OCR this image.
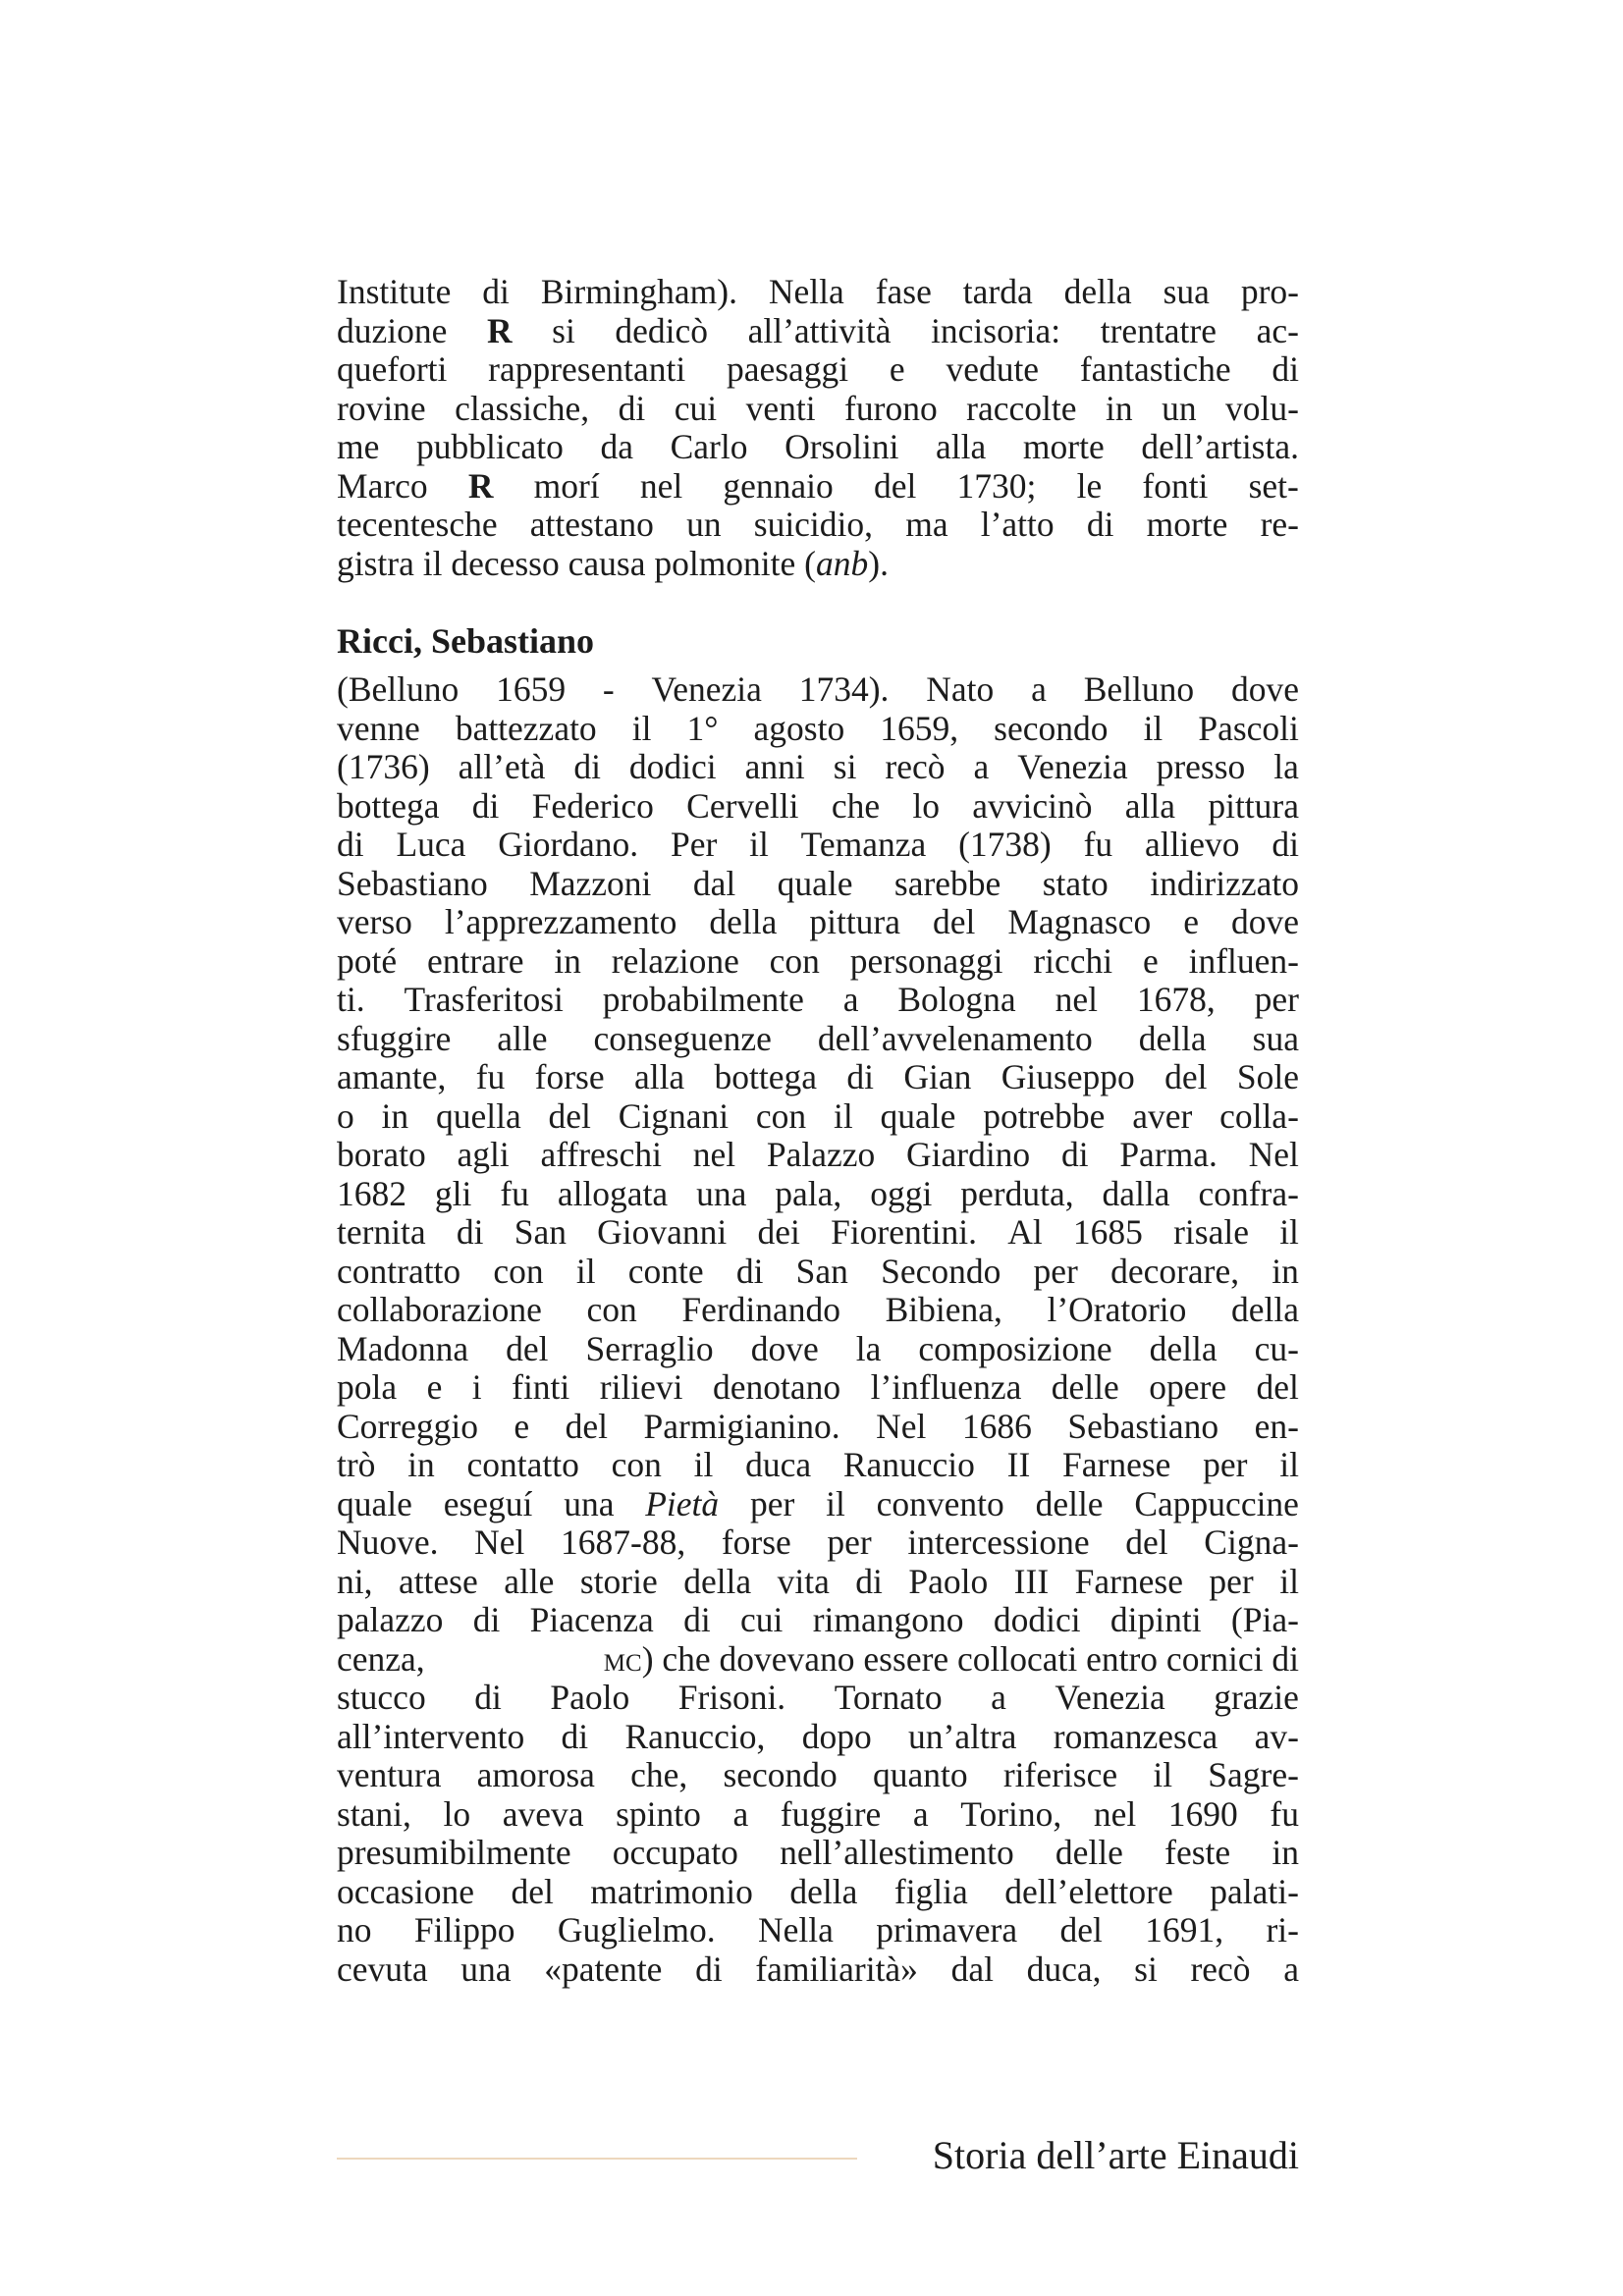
Institute di Birmingham). Nella fase tarda della sua pro-
duzione R si dedicò all’attività incisoria: trentatre ac-
queforti rappresentanti paesaggi e vedute fantastiche di
rovine classiche, di cui venti furono raccolte in un volu-
me pubblicato da Carlo Orsolini alla morte dell’artista.
Marco R morí nel gennaio del 1730; le fonti set-
tecentesche attestano un suicidio, ma l’atto di morte re-
gistra il decesso causa polmonite (anb).
Ricci, Sebastiano
(Belluno 1659 - Venezia 1734). Nato a Belluno dove
venne battezzato il 1° agosto 1659, secondo il Pascoli
(1736) all’età di dodici anni si recò a Venezia presso la
bottega di Federico Cervelli che lo avvicinò alla pittura
di Luca Giordano. Per il Temanza (1738) fu allievo di
Sebastiano Mazzoni dal quale sarebbe stato indirizzato
verso l’apprezzamento della pittura del Magnasco e dove
poté entrare in relazione con personaggi ricchi e influen-
ti. Trasferitosi probabilmente a Bologna nel 1678, per
sfuggire alle conseguenze dell’avvelenamento della sua
amante, fu forse alla bottega di Gian Giuseppo del Sole
o in quella del Cignani con il quale potrebbe aver colla-
borato agli affreschi nel Palazzo Giardino di Parma. Nel
1682 gli fu allogata una pala, oggi perduta, dalla confra-
ternita di San Giovanni dei Fiorentini. Al 1685 risale il
contratto con il conte di San Secondo per decorare, in
collaborazione con Ferdinando Bibiena, l’Oratorio della
Madonna del Serraglio dove la composizione della cu-
pola e i finti rilievi denotano l’influenza delle opere del
Correggio e del Parmigianino. Nel 1686 Sebastiano en-
trò in contatto con il duca Ranuccio II Farnese per il
quale eseguí una Pietà per il convento delle Cappuccine
Nuove. Nel 1687-88, forse per intercessione del Cigna-
ni, attese alle storie della vita di Paolo III Farnese per il
palazzo di Piacenza di cui rimangono dodici dipinti (Pia-
cenza,	mc) che dovevano essere collocati entro cornici di
stucco di Paolo Frisoni. Tornato a Venezia grazie
all’intervento di Ranuccio, dopo un’altra romanzesca av-
ventura amorosa che, secondo quanto riferisce il Sagre-
stani, lo aveva spinto a fuggire a Torino, nel 1690 fu
presumibilmente occupato nell’allestimento delle feste in
occasione del matrimonio della figlia dell’elettore palati-
no Filippo Guglielmo. Nella primavera del 1691, ri-
cevuta una «patente di familiarità» dal duca, si recò a
Storia dell’arte Einaudi
